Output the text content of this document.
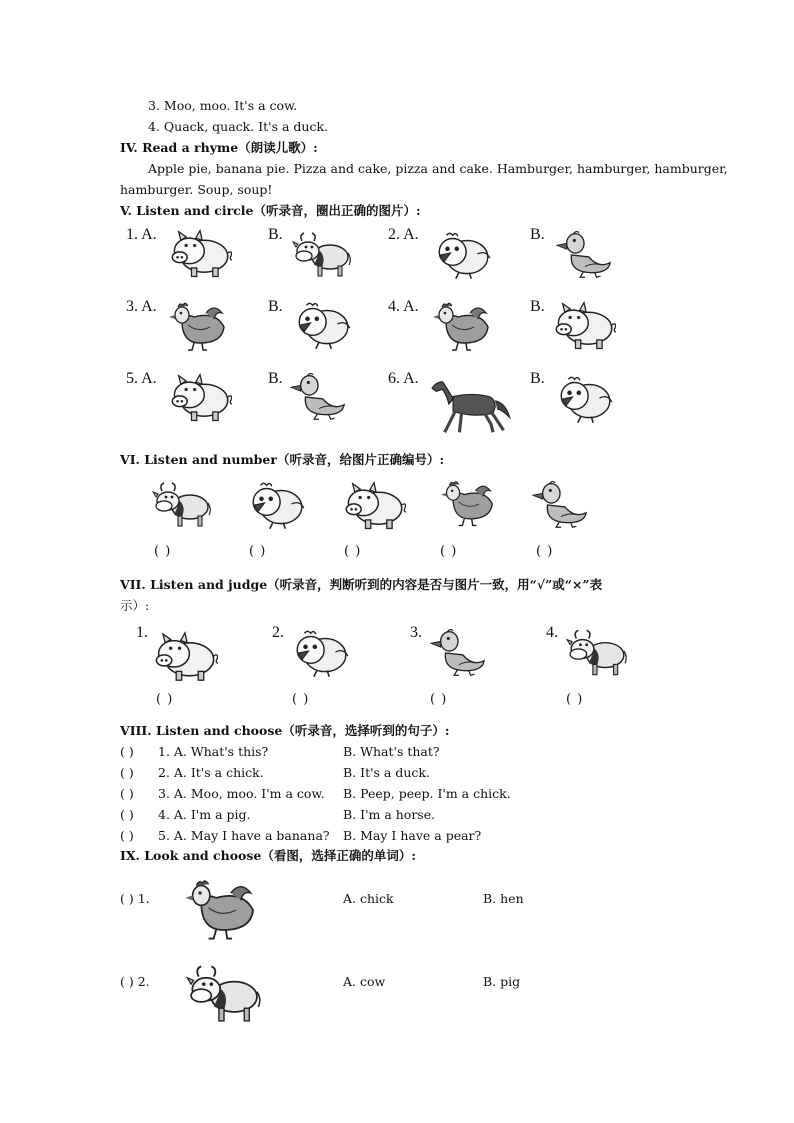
3. Moo, moo. It's a cow.
4. Quack, quack. It's a duck.
IV. Read a rhyme（朗读儿歌）:
Apple pie, banana pie. Pizza and cake, pizza and cake. Hamburger, hamburger, hamburger,
hamburger. Soup, soup!
V. Listen and circle（听录音，圈出正确的图片）:
1. A.	B.	2. A.	B.
3. A.	B.	4. A.	B.
5. A.	B.	6. A.	B.
VI. Listen and number（听录音，给图片正确编号）:
( )	( )	( )	( )	( )
VII. Listen and judge（听录音，判断听到的内容是否与图片一致，用“√”或“×”表
示）:
1.	2.	3.	4.
( )	( )	( )	( )
VIII. Listen and choose（听录音，选择听到的句子）:
( ) 1. A. What's this?	B. What's that?
( ) 2. A. It's a chick.	B. It's a duck.
( ) 3. A. Moo, moo. I'm a cow. B. Peep, peep. I'm a chick.
( ) 4. A. I'm a pig.	B. I'm a horse.
( ) 5. A. May I have a banana? B. May I have a pear?
IX. Look and choose（看图，选择正确的单词）:
( ) 1.	A. chick	B. hen
( ) 2.	A. cow	B. pig
